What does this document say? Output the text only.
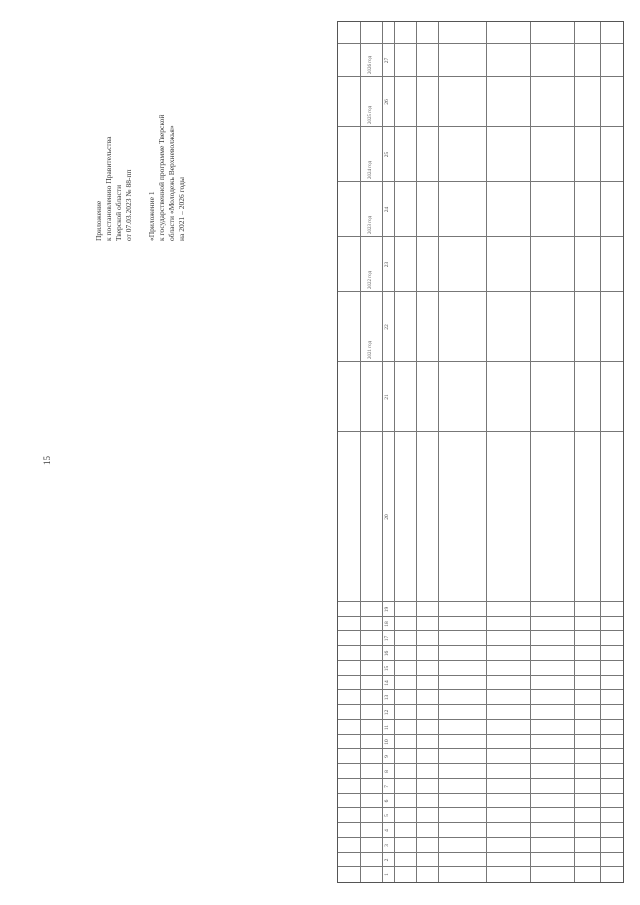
15
Приложение к постановлению Правительства Тверской области от 07.03.2023 № 88-пп «Приложение 1 к государственной программе Тверской области «Молодежь Верхневолжья» на 2021 – 2026 годы
2021 год
2022 год
2023 год
2024 год
2025 год
2026 год
1
2
3
4
5
6
7
8
9
10
11
12
13
14
15
16
17
18
19
20
21
22
23
24
25
26
27
